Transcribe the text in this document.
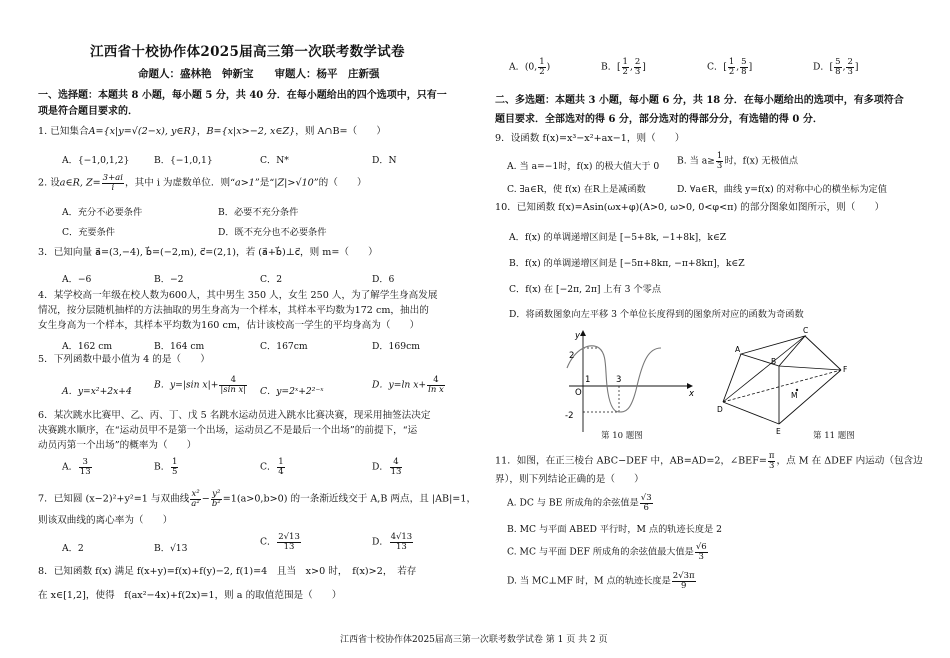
江西省十校协作体2025届高三第一次联考数学试卷
命题人：盛林艳　钟新宝　　审题人：杨平　庄新强
一、选择题：本题共 8 小题，每小题 5 分，共 40 分．在每小题给出的四个选项中，只有一
项是符合题目要求的．
1. 已知集合A={x|y=√(2−x), y∈R}，B={x|x>−2, x∈Z}，则 A∩B=（　　）
A．{−1,0,1,2}	B．{−1,0,1}	C．N*	D．N
2. 设a∈R, $Z= \frac{3+ai}{i}$ ，其中 i 为虚数单位．则“a>1”是“|Z|>√10”的（　　）
A．充分不必要条件	B．必要不充分条件
C．充要条件	D．既不充分也不必要条件
3．已知向量 a⃗=(3,−4), b⃗=(−2,m), c⃗=(2,1)，若 (a⃗+b⃗)⊥c⃗，则 m=（　　）
A．−6	B．−2	C．2	D．6
4．某学校高一年级在校人数为600人，其中男生 350 人，女生 250 人，为了解学生身高发展
情况，按分层随机抽样的方法抽取的男生身高为一个样本，其样本平均数为172 cm，抽出的
女生身高为一个样本，其样本平均数为160 cm，估计该校高一学生的平均身高为（　　）
A．162 cm	B．164 cm	C．167cm	D．169cm
5．下列函数中最小值为 4 的是（　　）
A．y=x²+2x+4
B．y=|sin $x|+ \frac{4}{\text{|sin x|}}$ C．y=2ˣ+2²⁻ˣ
D．y=ln $x+ \frac{4}{\text{ln x}}$
6．某次跳水比赛甲、乙、丙、丁、戊 5 名跳水运动员进入跳水比赛决赛，现采用抽签法决定
决赛跳水顺序，在“运动员甲不是第一个出场，运动员乙不是最后一个出场”的前提下，“运
动员丙第一个出场”的概率为（　　）
A． $\frac{3}{13}$	B． $\frac{1}{5}$	C． $\frac{1}{4}$	D． $\frac{4}{13}$
7．已知圆 (x−2)²+y²=1 与双曲线 $\frac{\text{x²}}{\text{a²}} - \frac{\text{y²}}{\text{b²}} =1(a>0,b>0)$ 的一条渐近线交于 A,B 两点，且 |AB|=1，
则该双曲线的离心率为（　　）
A．2	B．√13
C． $\frac{2√13}{13}$	D． $\frac{4√13}{13}$
8．已知函数 f(x) 满足 f(x+y)=f(x)+f(y)−2, f(1)=4　且当　x>0 时，　f(x)>2，　若存
在 x∈[1,2]，使得　f(ax²−4x)+f(2x)=1，则 a 的取值范围是（　　）
A．(0, $\frac{1}{2}$ )	B．[ $\frac{1}{2}$ , $\frac{2}{3}$ ]	C．[ $\frac{1}{2}$ , $\frac{5}{8}$ ]	D．[ $\frac{5}{8}$ , $\frac{2}{3}$ ]
二、多选题：本题共 3 小题，每小题 6 分，共 18 分．在每小题给出的选项中，有多项符合
题目要求．全部选对的得 6 分，部分选对的得部分分，有选错的得 0 分．
9．设函数 f(x)=x³−x²+ax−1，则（　　）
A. 当 a=−1时，f(x) 的极大值大于 0 B. 当 $a\ge \frac{1}{3}$ 时，f(x) 无极值点
C. ∃a∈R，使 f(x) 在R上是减函数	D. ∀a∈R，曲线 y=f(x) 的对称中心的横坐标为定值
10．已知函数 f(x)=Asin(ωx+φ)(A>0, ω>0, 0<φ<π) 的部分图象如图所示，则（　　）
A．f(x) 的单调递增区间是 [−5+8k, −1+8k]，k∈Z
B．f(x) 的单调递增区间是 [−5π+8kπ, −π+8kπ]，k∈Z
C．f(x) 在 [−2π, 2π] 上有 3 个零点
D．将函数图象向左平移 3 个单位长度得到的图象所对应的函数为奇函数
2
-2
O
1	3
x
y
第 10 题图
A
B
C
D
E
F
M
第 11 题图
11．如图，在正三棱台 ABC−DEF 中，AB=AD=2，∠BEF= $\frac{\pi}{3}$ ，点 M 在 ΔDEF 内运动（包含边
界），则下列结论正确的是（　　）
A. DC 与 BE 所成角的余弦值是 $\frac{√3}{6}$
B. MC 与平面 ABED 平行时，M 点的轨迹长度是 2
C. MC 与平面 DEF 所成角的余弦值最大值是 $\frac{√6}{3}$
D. 当 MC⊥MF 时，M 点的轨迹长度是 $\frac{2√3\pi}{9}$
江西省十校协作体2025届高三第一次联考数学试卷 第 1 页 共 2 页
